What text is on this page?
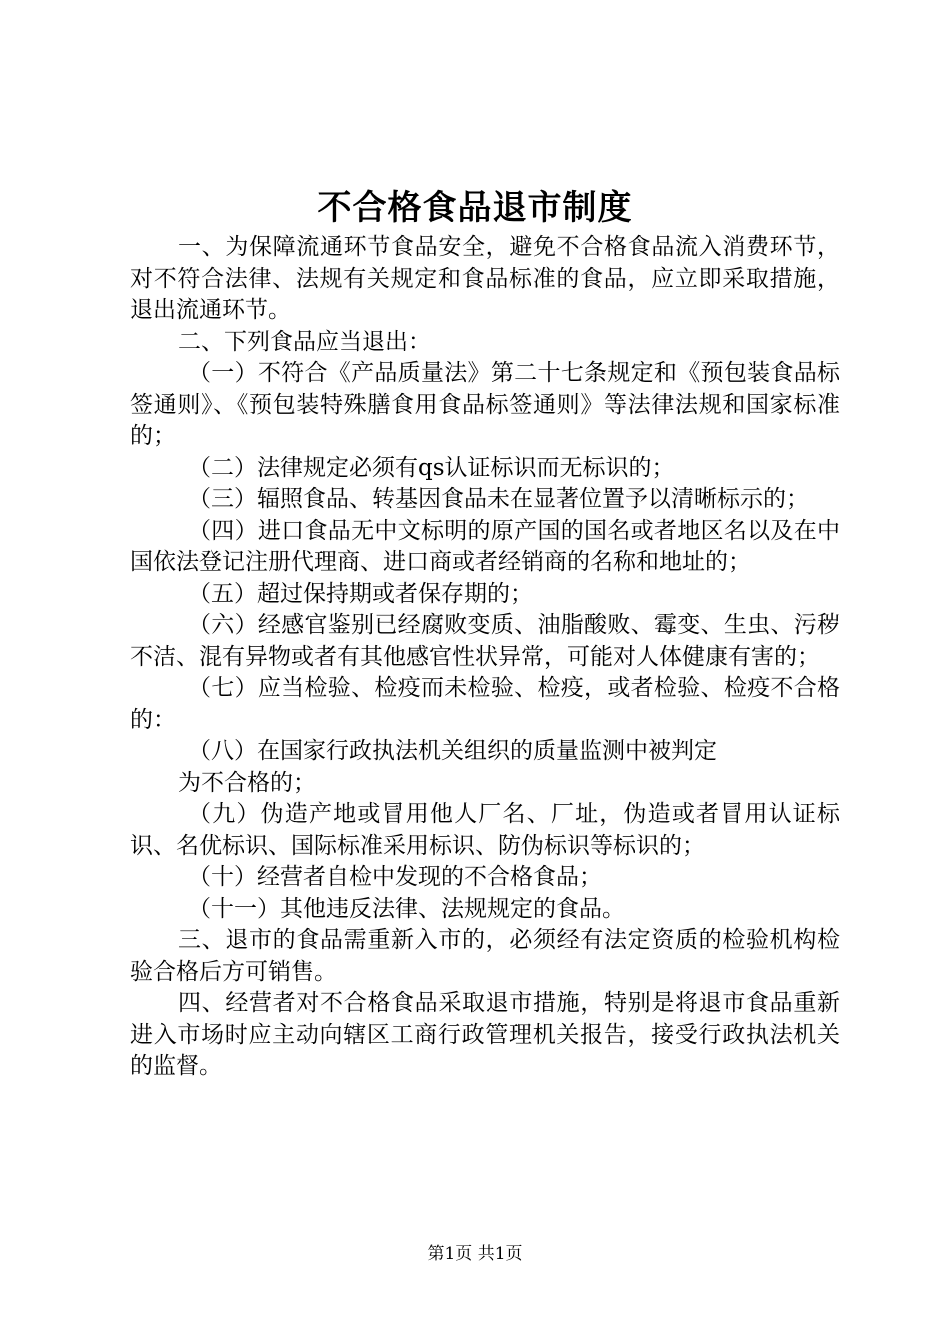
不合格食品退市制度

一、为保障流通环节食品安全，避免不合格食品流入消费环节，对不符合法律、法规有关规定和食品标准的食品，应立即采取措施，退出流通环节。

二、下列食品应当退出：

（一）不符合《产品质量法》第二十七条规定和《预包装食品标签通则》、《预包装特殊膳食用食品标签通则》等法律法规和国家标准的；

（二）法律规定必须有qs认证标识而无标识的；

（三）辐照食品、转基因食品未在显著位置予以清晰标示的；

（四）进口食品无中文标明的原产国的国名或者地区名以及在中国依法登记注册代理商、进口商或者经销商的名称和地址的；

（五）超过保持期或者保存期的；

（六）经感官鉴别已经腐败变质、油脂酸败、霉变、生虫、污秽不洁、混有异物或者有其他感官性状异常，可能对人体健康有害的；

（七）应当检验、检疫而未检验、检疫，或者检验、检疫不合格的：

（八）在国家行政执法机关组织的质量监测中被判定

为不合格的；

（九）伪造产地或冒用他人厂名、厂址，伪造或者冒用认证标识、名优标识、国际标准采用标识、防伪标识等标识的；

（十）经营者自检中发现的不合格食品；

（十一）其他违反法律、法规规定的食品。

三、退市的食品需重新入市的，必须经有法定资质的检验机构检验合格后方可销售。

四、经营者对不合格食品采取退市措施，特别是将退市食品重新进入市场时应主动向辖区工商行政管理机关报告，接受行政执法机关的监督。

第1页 共1页
